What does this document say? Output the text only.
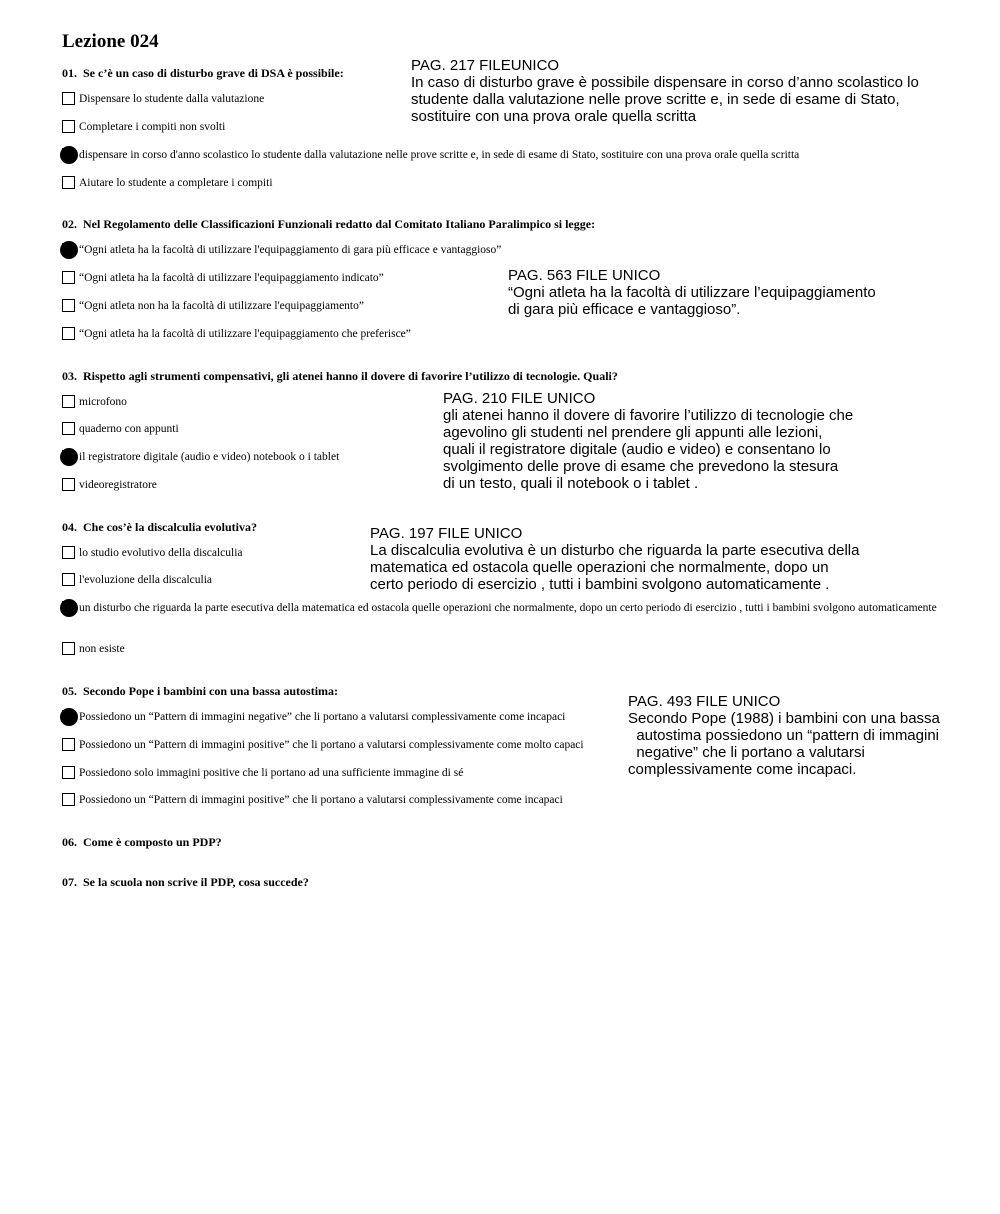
Lezione 024
01. Se c’è un caso di disturbo grave di DSA è possibile:
Dispensare lo studente dalla valutazione
Completare i compiti non svolti
dispensare in corso d'anno scolastico lo studente dalla valutazione nelle prove scritte e, in sede di esame di Stato, sostituire con una prova orale quella scritta
Aiutare lo studente a completare i compiti
PAG. 217 FILEUNICO
In caso di disturbo grave è possibile dispensare in corso d’anno scolastico lo
studente dalla valutazione nelle prove scritte e, in sede di esame di Stato,
sostituire con una prova orale quella scritta
02. Nel Regolamento delle Classificazioni Funzionali redatto dal Comitato Italiano Paralimpico si legge:
“Ogni atleta ha la facoltà di utilizzare l'equipaggiamento di gara più efficace e vantaggioso”
“Ogni atleta ha la facoltà di utilizzare l'equipaggiamento indicato”
“Ogni atleta non ha la facoltà di utilizzare l'equipaggiamento”
“Ogni atleta ha la facoltà di utilizzare l'equipaggiamento che preferisce”
PAG. 563 FILE UNICO
“Ogni atleta ha la facoltà di utilizzare l’equipaggiamento
di gara più efficace e vantaggioso”.
03. Rispetto agli strumenti compensativi, gli atenei hanno il dovere di favorire l’utilizzo di tecnologie. Quali?
microfono
quaderno con appunti
il registratore digitale (audio e video) notebook o i tablet
videoregistratore
PAG. 210 FILE UNICO
gli atenei hanno il dovere di favorire l’utilizzo di tecnologie che
agevolino gli studenti nel prendere gli appunti alle lezioni,
quali il registratore digitale (audio e video) e consentano lo
svolgimento delle prove di esame che prevedono la stesura
di un testo, quali il notebook o i tablet .
04. Che cos’è la discalculia evolutiva?
lo studio evolutivo della discalculia
l'evoluzione della discalculia
un disturbo che riguarda la parte esecutiva della matematica ed ostacola quelle operazioni che normalmente, dopo un certo periodo di esercizio , tutti i bambini svolgono automaticamente
non esiste
PAG. 197 FILE UNICO
La discalculia evolutiva è un disturbo che riguarda la parte esecutiva della
matematica ed ostacola quelle operazioni che normalmente, dopo un
certo periodo di esercizio , tutti i bambini svolgono automaticamente .
05. Secondo Pope i bambini con una bassa autostima:
Possiedono un “Pattern di immagini negative” che li portano a valutarsi complessivamente come incapaci
Possiedono un “Pattern di immagini positive” che li portano a valutarsi complessivamente come molto capaci
Possiedono solo immagini positive che li portano ad una sufficiente immagine di sé
Possiedono un “Pattern di immagini positive” che li portano a valutarsi complessivamente come incapaci
PAG. 493 FILE UNICO
Secondo Pope (1988) i bambini con una bassa
autostima possiedono un “pattern di immagini
negative” che li portano a valutarsi
complessivamente come incapaci.
06. Come è composto un PDP?
07. Se la scuola non scrive il PDP, cosa succede?
